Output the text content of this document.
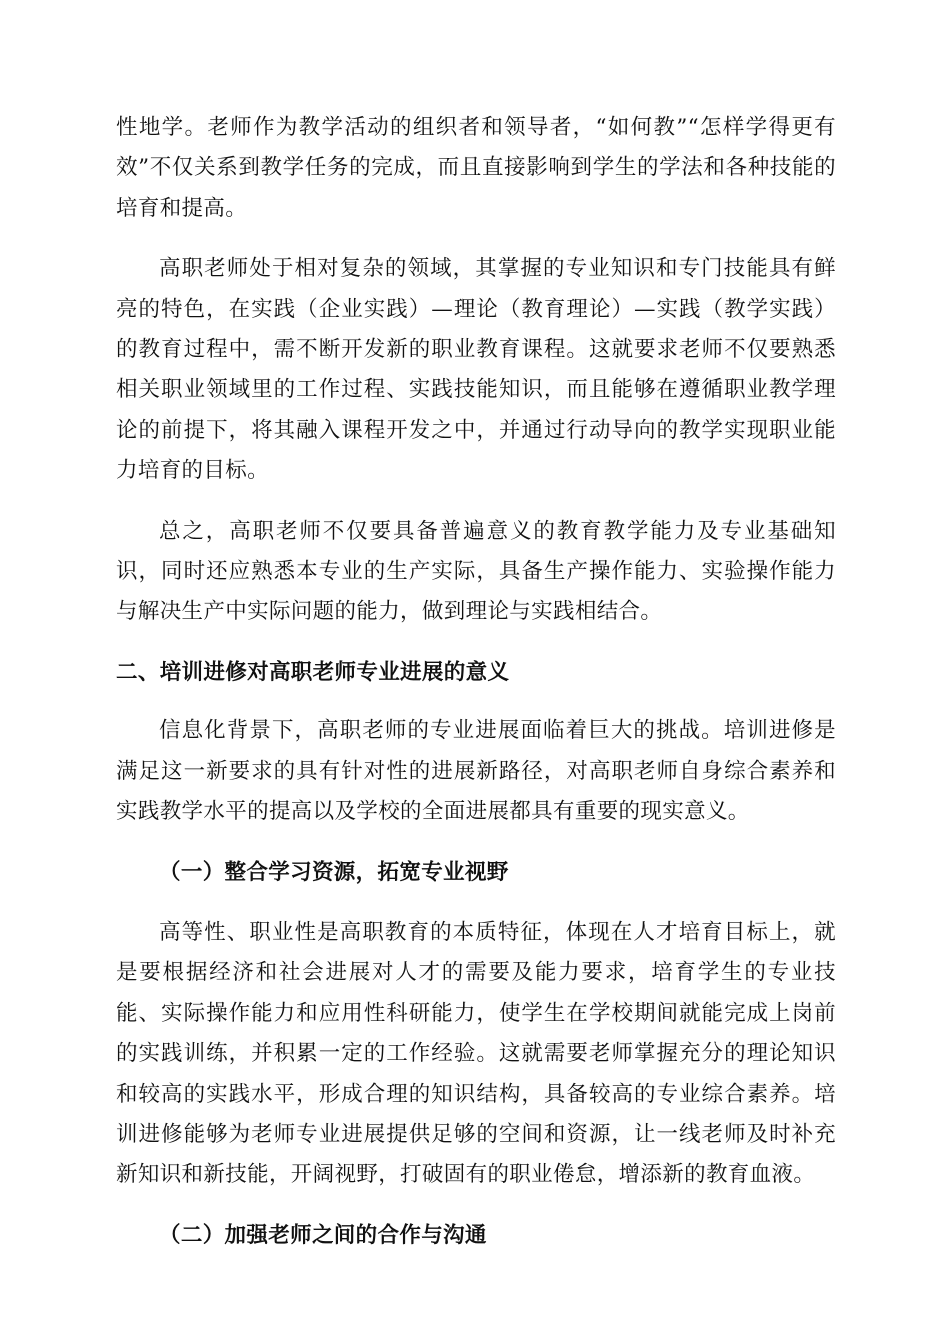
性地学。老师作为教学活动的组织者和领导者，“如何教”“怎样学得更有效”不仅关系到教学任务的完成，而且直接影响到学生的学法和各种技能的培育和提高。

高职老师处于相对复杂的领域，其掌握的专业知识和专门技能具有鲜亮的特色，在实践（企业实践）—理论（教育理论）—实践（教学实践）的教育过程中，需不断开发新的职业教育课程。这就要求老师不仅要熟悉相关职业领域里的工作过程、实践技能知识，而且能够在遵循职业教学理论的前提下，将其融入课程开发之中，并通过行动导向的教学实现职业能力培育的目标。

总之，高职老师不仅要具备普遍意义的教育教学能力及专业基础知识，同时还应熟悉本专业的生产实际，具备生产操作能力、实验操作能力与解决生产中实际问题的能力，做到理论与实践相结合。

二、培训进修对高职老师专业进展的意义

信息化背景下，高职老师的专业进展面临着巨大的挑战。培训进修是满足这一新要求的具有针对性的进展新路径，对高职老师自身综合素养和实践教学水平的提高以及学校的全面进展都具有重要的现实意义。

（一）整合学习资源，拓宽专业视野

高等性、职业性是高职教育的本质特征，体现在人才培育目标上，就是要根据经济和社会进展对人才的需要及能力要求，培育学生的专业技能、实际操作能力和应用性科研能力，使学生在学校期间就能完成上岗前的实践训练，并积累一定的工作经验。这就需要老师掌握充分的理论知识和较高的实践水平，形成合理的知识结构，具备较高的专业综合素养。培训进修能够为老师专业进展提供足够的空间和资源，让一线老师及时补充新知识和新技能，开阔视野，打破固有的职业倦怠，增添新的教育血液。

（二）加强老师之间的合作与沟通
